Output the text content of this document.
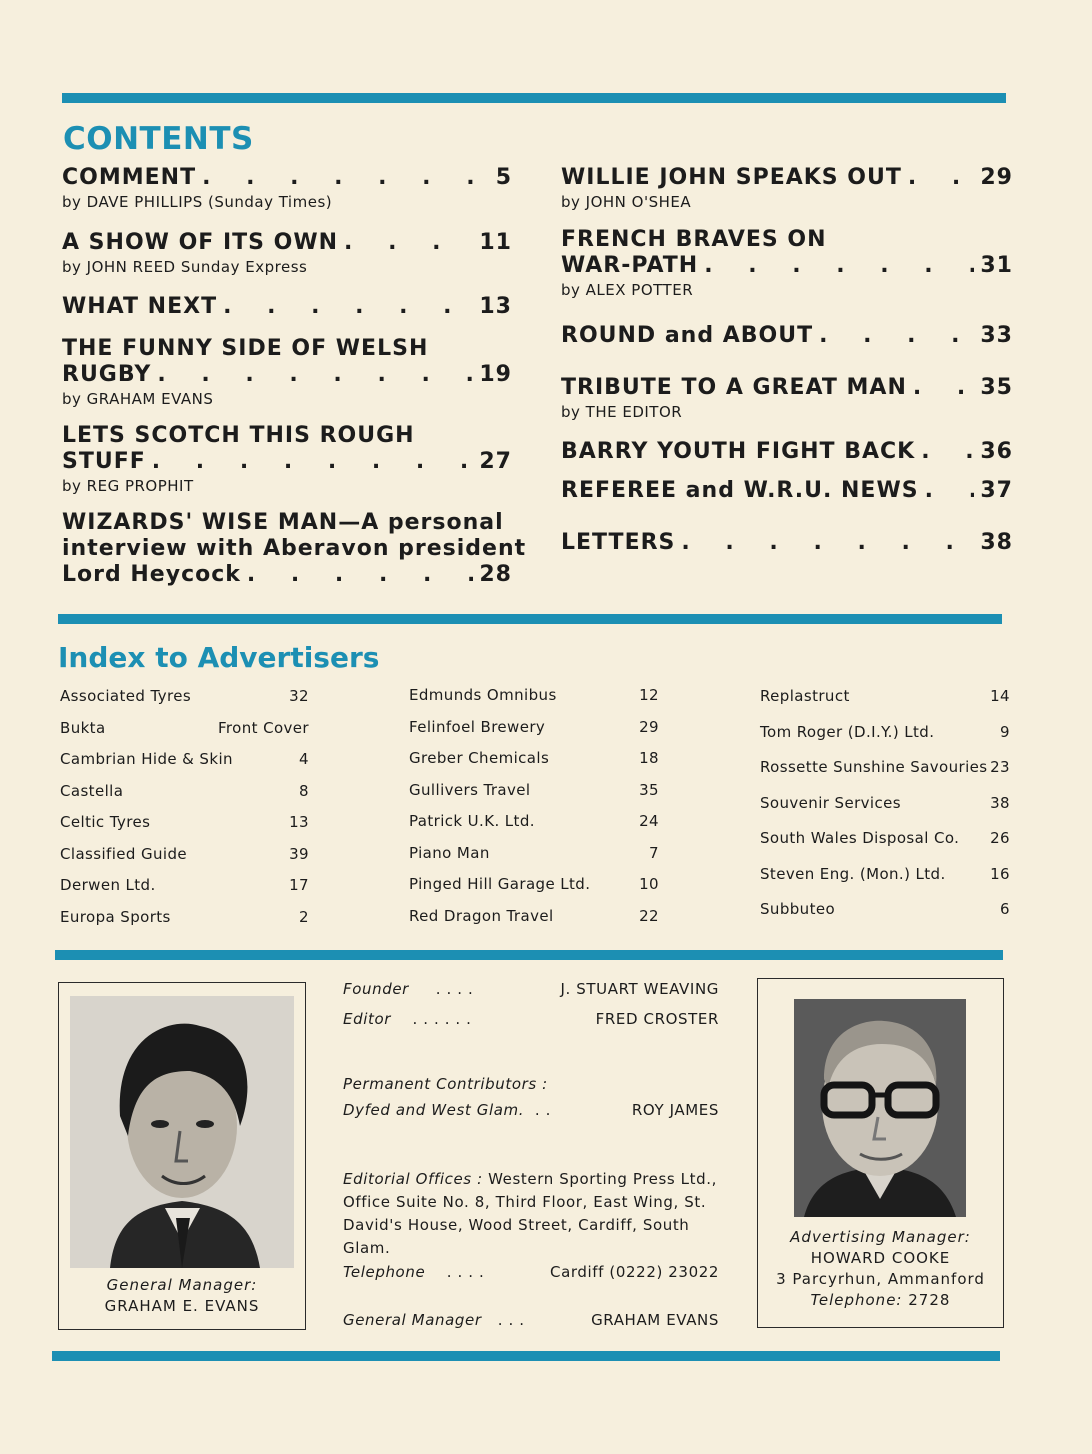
CONTENTS
COMMENT . . .	5
by DAVE PHILLIPS (Sunday Times)
A SHOW OF ITS OWN . . .	11
by JOHN REED Sunday Express
WHAT NEXT . . .	13
THE FUNNY SIDE OF WELSH
RUGBY . . .	19
by GRAHAM EVANS
LETS SCOTCH THIS ROUGH
STUFF . . .	27
by REG PROPHIT
WIZARDS' WISE MAN—A personal
interview with Aberavon president
Lord Heycock . . .	28
WILLIE JOHN SPEAKS OUT . . .	29
by JOHN O'SHEA
FRENCH BRAVES ON
WAR-PATH . . .	31
by ALEX POTTER
ROUND and ABOUT . . .	33
TRIBUTE TO A GREAT MAN . . .	35
by THE EDITOR
BARRY YOUTH FIGHT BACK . . .	36
REFEREE and W.R.U. NEWS . . .	37
LETTERS . . .	38
Index to Advertisers
Associated Tyres	32
Bukta	Front Cover
Cambrian Hide & Skin	4
Castella	8
Celtic Tyres	13
Classified Guide	39
Derwen Ltd.	17
Europa Sports	2
Edmunds Omnibus	12
Felinfoel Brewery	29
Greber Chemicals	18
Gullivers Travel	35
Patrick U.K. Ltd.	24
Piano Man	7
Pinged Hill Garage Ltd.	10
Red Dragon Travel	22
Replastruct	14
Tom Roger (D.I.Y.) Ltd.	9
Rossette Sunshine Savouries 23
Souvenir Services	38
South Wales Disposal Co. 26
Steven Eng. (Mon.) Ltd.	16
Subbuteo	6
General Manager:
GRAHAM E. EVANS
Founder . . . .	J. STUART WEAVING
Editor . . . . . .	FRED CROSTER
Permanent Contributors :
Dyfed and West Glam. . .	ROY JAMES
Editorial Offices : Western Sporting Press Ltd.,
Office Suite No. 8, Third Floor, East Wing, St.
David's House, Wood Street, Cardiff, South Glam.
Telephone . . . .	Cardiff (0222) 23022
General Manager . . .	GRAHAM EVANS
Advertising Manager:
HOWARD COOKE
3 Parcyrhun, Ammanford
Telephone: 2728
